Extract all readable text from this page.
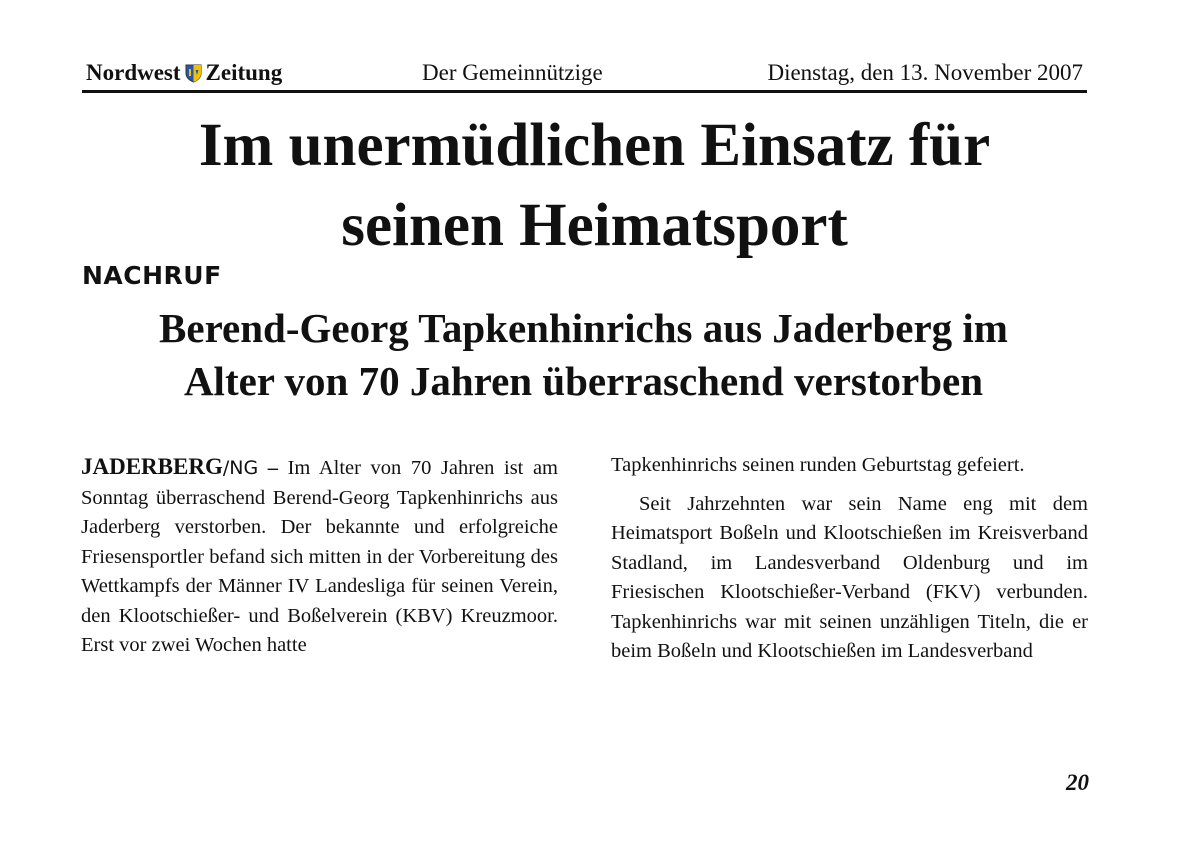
Nordwest Zeitung	Der Gemeinnützige	Dienstag, den 13. November 2007
Im unermüdlichen Einsatz für
seinen Heimatsport
NACHRUF
Berend-Georg Tapkenhinrichs aus Jaderberg im
Alter von 70 Jahren überraschend verstorben

JADERBERG/NG – Im Alter von 70 Jahren ist am Sonntag überraschend Berend-Georg Tapkenhinrichs aus Jaderberg verstorben. Der bekannte und erfolgreiche Friesensportler befand sich mitten in der Vorbereitung des Wettkampfs der Männer IV Landesliga für seinen Verein, den Klootschießer- und Boßelverein (KBV) Kreuzmoor. Erst vor zwei Wochen hatte

Tapkenhinrichs seinen runden Geburtstag gefeiert.

Seit Jahrzehnten war sein Name eng mit dem Heimatsport Boßeln und Klootschießen im Kreisverband Stadland, im Landesverband Oldenburg und im Friesischen Klootschießer-Verband (FKV) verbunden. Tapkenhinrichs war mit seinen unzähligen Titeln, die er beim Boßeln und Klootschießen im Landesverband

20
